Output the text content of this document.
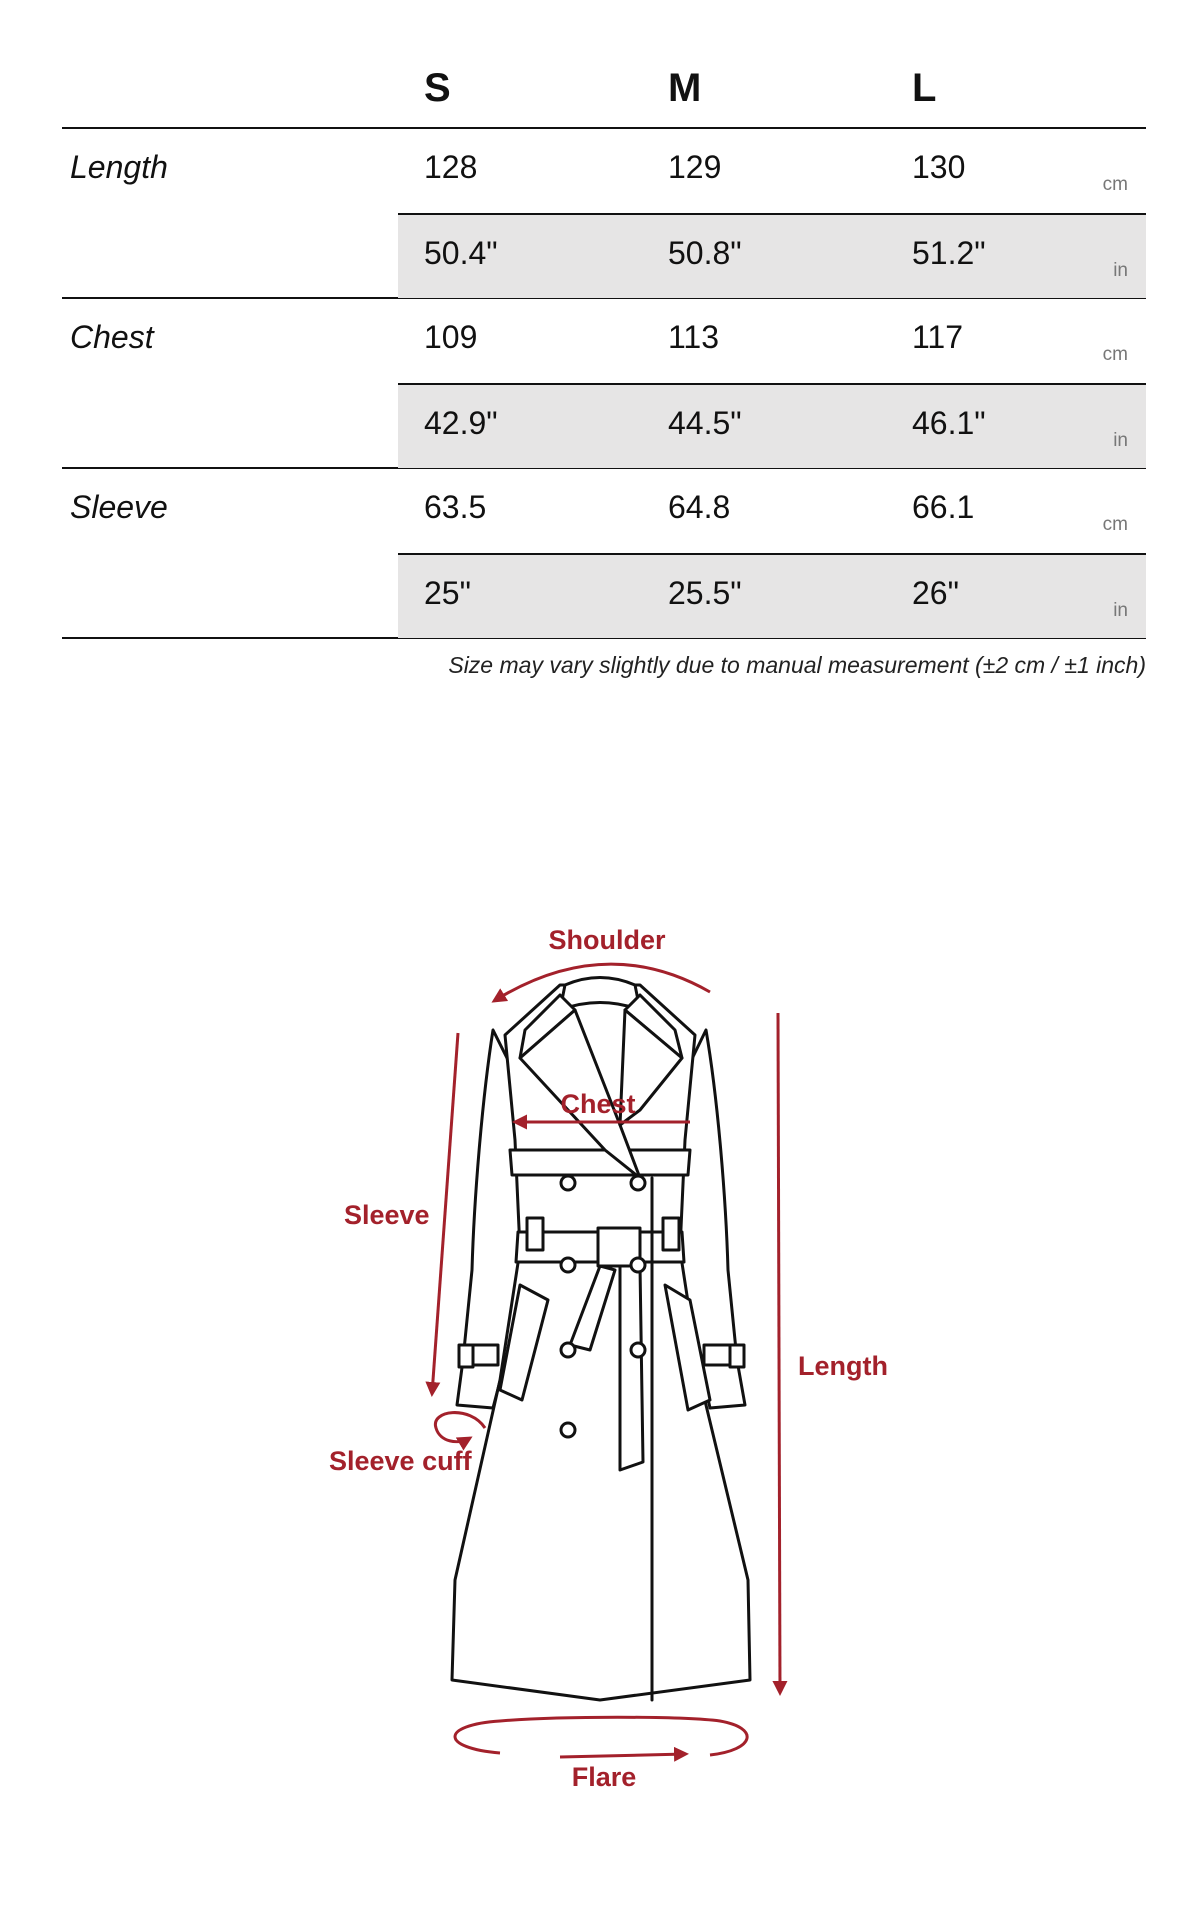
S	M	L
Length	128	129	130	cm
50.4"	50.8"	51.2"	in
Chest	109	113	117	cm
42.9"	44.5"	46.1"	in
Sleeve	63.5	64.8	66.1	cm
25"	25.5"	26"	in
Size may vary slightly due to manual measurement (±2 cm / ±1 inch)
Shoulder
Chest
Sleeve
Length
Sleeve cuff
Flare
